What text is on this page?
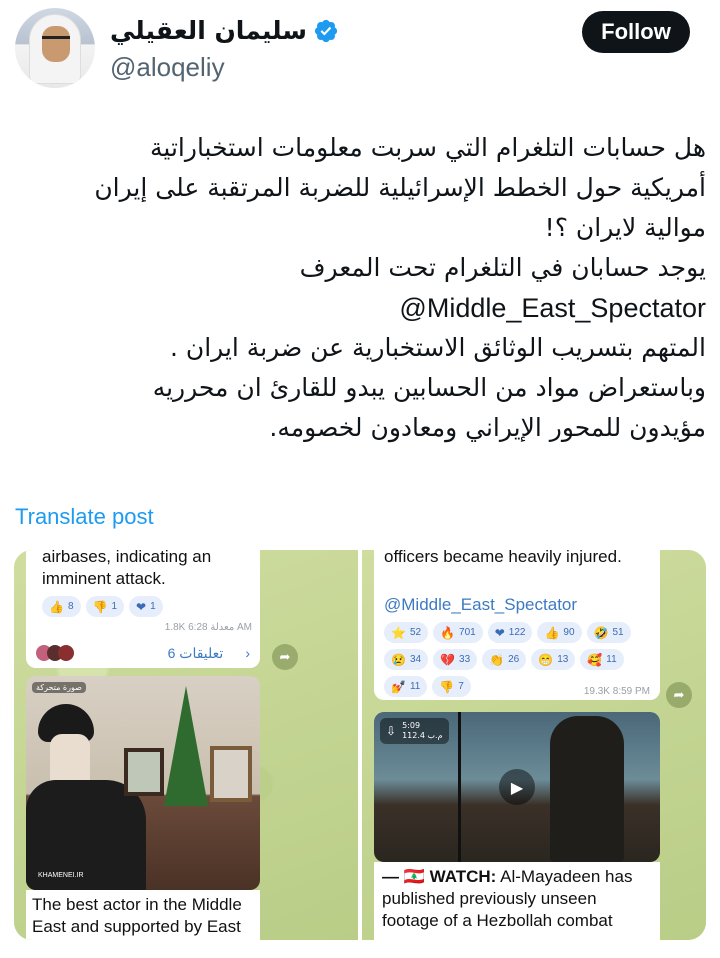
سليمان العقيلي
@aloqeliy
Follow
هل حسابات التلغرام التي سربت معلومات استخباراتية
أمريكية حول الخطط الإسرائيلية للضربة المرتقبة على إيران
موالية لايران ؟!
يوجد حسابان في التلغرام تحت المعرف
@Middle_East_Spectator
المتهم بتسريب الوثائق الاستخبارية عن ضربة ايران .
وباستعراض مواد من الحسابين يبدو للقارئ ان محرريه
مؤيدون للمحور الإيراني ومعادون لخصومه.
Translate post
airbases, indicating an imminent attack.
👍 8 👎 1 ❤ 1
1.8K معدلة 6:28 AM
6 تعليقات ›	➦
صورة متحركة
KHAMENEI.IR
The best actor in the Middle East and supported by East
officers became heavily injured.
@Middle_East_Spectator
⭐ 52 🔥 701 ❤ 122 👍 90 🤣 51
😢 34 💔 33 👏 26 😁 13 🥰 11
💅 11 👎 7	19.3K 8:59 PM	➦
⇩ 5:09
م.ب 112.4
▶
— 🇱🇧 WATCH: Al-Mayadeen has published previously unseen footage of a Hezbollah combat
